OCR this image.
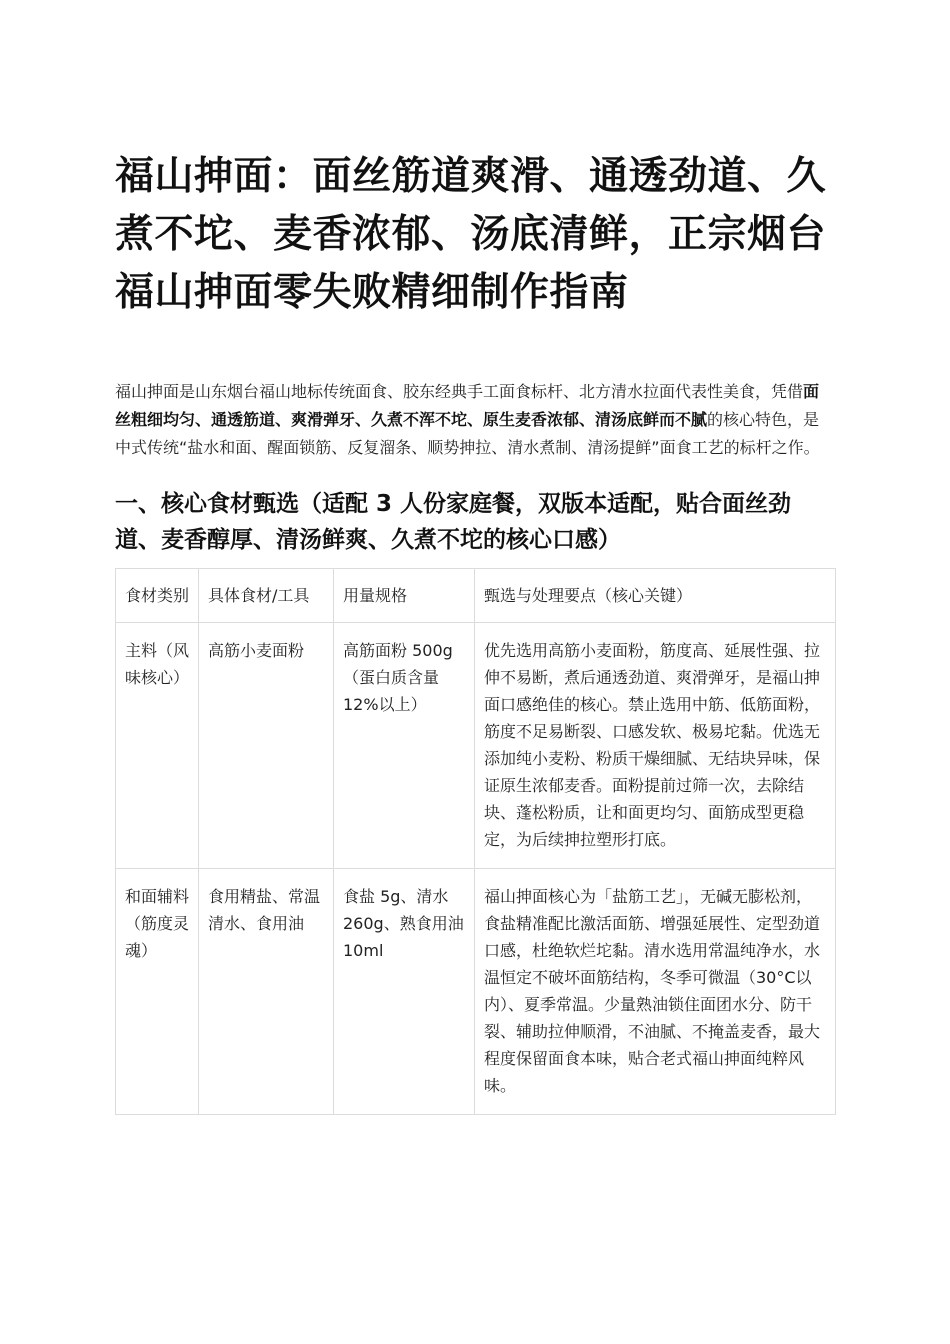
福山抻面：面丝筋道爽滑、通透劲道、久煮不坨、麦香浓郁、汤底清鲜，正宗烟台福山抻面零失败精细制作指南

福山抻面是山东烟台福山地标传统面食、胶东经典手工面食标杆、北方清水拉面代表性美食，凭借面丝粗细均匀、通透筋道、爽滑弹牙、久煮不浑不坨、原生麦香浓郁、清汤底鲜而不腻的核心特色，是中式传统“盐水和面、醒面锁筋、反复溜条、顺势抻拉、清水煮制、清汤提鲜”面食工艺的标杆之作。

一、核心食材甄选（适配 3 人份家庭餐，双版本适配，贴合面丝劲道、麦香醇厚、清汤鲜爽、久煮不坨的核心口感）
食材类别	具体食材/工具	用量规格	甄选与处理要点（核心关键）
主料（风味核心）	高筋小麦面粉	高筋面粉 500g（蛋白质含量 12%以上）	优先选用高筋小麦面粉，筋度高、延展性强、拉伸不易断，煮后通透劲道、爽滑弹牙，是福山抻面口感绝佳的核心。禁止选用中筋、低筋面粉，筋度不足易断裂、口感发软、极易坨黏。优选无添加纯小麦粉、粉质干燥细腻、无结块异味，保证原生浓郁麦香。面粉提前过筛一次，去除结块、蓬松粉质，让和面更均匀、面筋成型更稳定，为后续抻拉塑形打底。
和面辅料（筋度灵魂）	食用精盐、常温清水、食用油	食盐 5g、清水 260g、熟食用油 10ml	福山抻面核心为「盐筋工艺」，无碱无膨松剂，食盐精准配比激活面筋、增强延展性、定型劲道口感，杜绝软烂坨黏。清水选用常温纯净水，水温恒定不破坏面筋结构，冬季可微温（30°C以内）、夏季常温。少量熟油锁住面团水分、防干裂、辅助拉伸顺滑，不油腻、不掩盖麦香，最大程度保留面食本味，贴合老式福山抻面纯粹风味。
